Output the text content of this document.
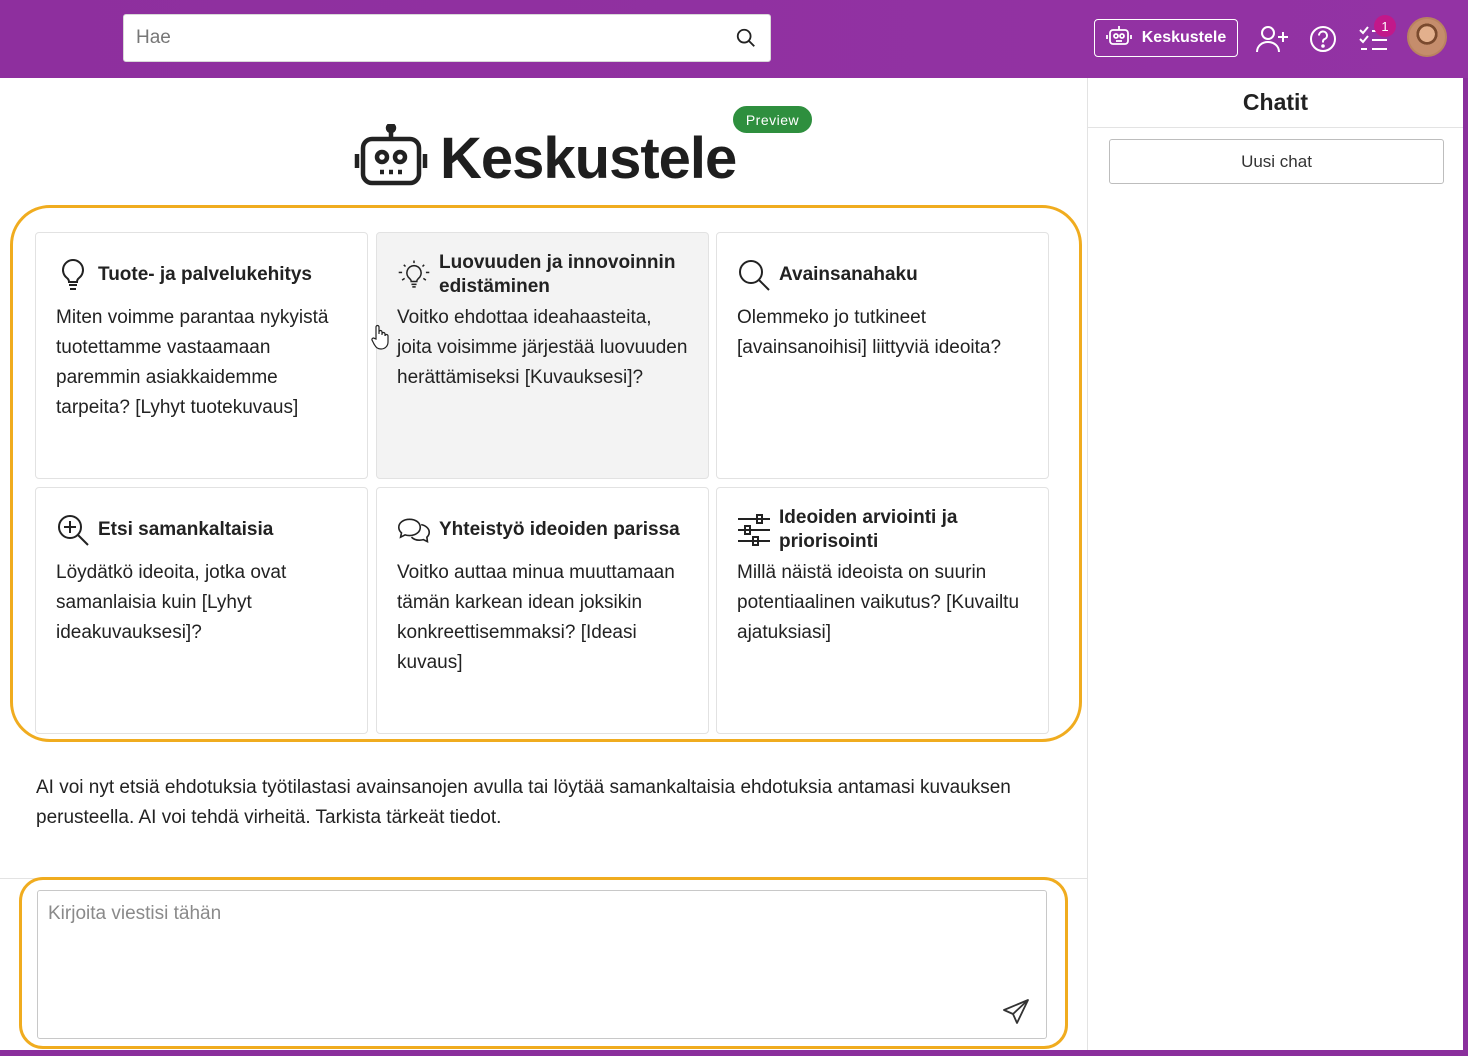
Hae
Keskustele
1
Keskustele
Preview
Tuote- ja palvelukehitys
Miten voimme parantaa nykyistä tuotettamme vastaamaan paremmin asiakkaidemme tarpeita? [Lyhyt tuotekuvaus]
Luovuuden ja innovoinnin edistäminen
Voitko ehdottaa ideahaasteita, joita voisimme järjestää luovuuden herättämiseksi [Kuvauksesi]?
Avainsanahaku
Olemmeko jo tutkineet [avainsanoihisi] liittyviä ideoita?
Etsi samankaltaisia
Löydätkö ideoita, jotka ovat samanlaisia kuin [Lyhyt ideakuvauksesi]?
Yhteistyö ideoiden parissa
Voitko auttaa minua muuttamaan tämän karkean idean joksikin konkreettisemmaksi? [Ideasi kuvaus]
Ideoiden arviointi ja priorisointi
Millä näistä ideoista on suurin potentiaalinen vaikutus? [Kuvailtu ajatuksiasi]

AI voi nyt etsiä ehdotuksia työtilastasi avainsanojen avulla tai löytää samankaltaisia ehdotuksia antamasi kuvauksen perusteella. AI voi tehdä virheitä. Tarkista tärkeät tiedot.

Kirjoita viestisi tähän
Chatit
Uusi chat
